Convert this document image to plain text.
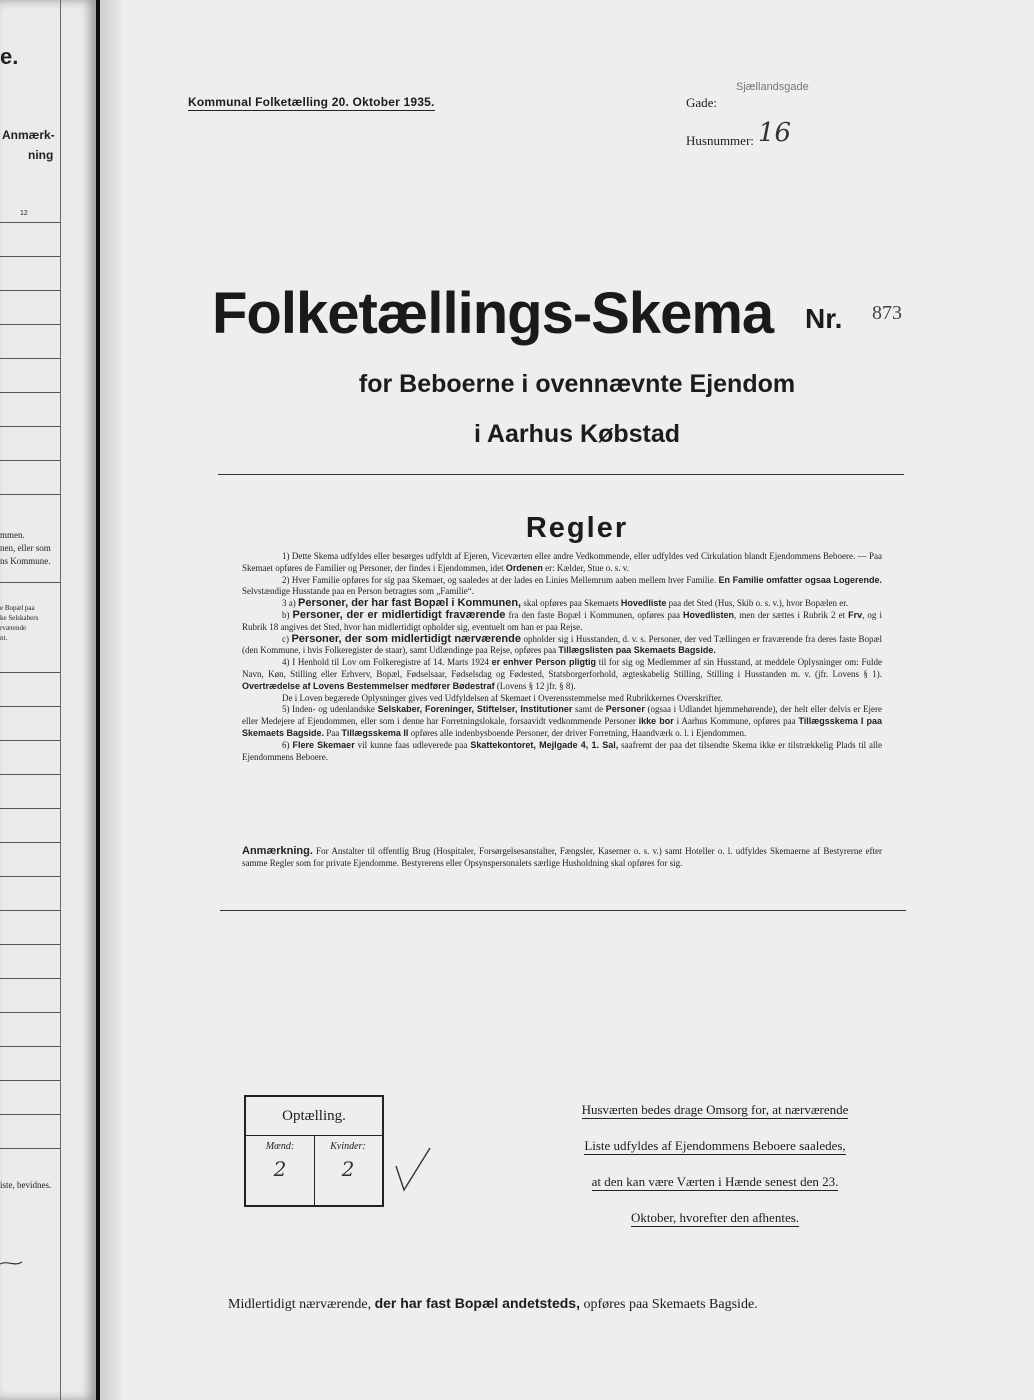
e.
Anmærk-
ning
12
mmen.
nen, eller som
ns Kommune.
e Bopæl paa
ke Selskabers
rværende
nt.
iste, bevidnes.
Kommunal Folketælling 20. Oktober 1935.	Gade:
Sjællandsgade
Husnummer: 16
Folketællings-Skema Nr. 873
for Beboerne i ovennævnte Ejendom
i Aarhus Købstad
Regler

1) Dette Skema udfyldes eller besørges udfyldt af Ejeren, Viceværten eller andre Vedkommende, eller udfyldes ved Cirkulation blandt Ejendommens Beboere. — Paa Skemaet opføres de Familier og Personer, der findes i Ejendommen, idet Ordenen er: Kælder, Stue o. s. v.

2) Hver Familie opføres for sig paa Skemaet, og saaledes at der lades en Linies Mellemrum aaben mellem hver Familie. En Familie omfatter ogsaa Logerende. Selvstændige Husstande paa en Person betragtes som „Familie“.

3 a) Personer, der har fast Bopæl i Kommunen, skal opføres paa Skemaets Hovedliste paa det Sted (Hus, Skib o. s. v.), hvor Bopælen er.

b) Personer, der er midlertidigt fraværende fra den faste Bopæl i Kommunen, opføres paa Hovedlisten, men der sættes i Rubrik 2 et Frv, og i Rubrik 18 angives det Sted, hvor han midlertidigt opholder sig, eventuelt om han er paa Rejse.

c) Personer, der som midlertidigt nærværende opholder sig i Husstanden, d. v. s. Personer, der ved Tællingen er fraværende fra deres faste Bopæl (den Kommune, i hvis Folkeregister de staar), samt Udlændinge paa Rejse, opføres paa Tillægslisten paa Skemaets Bagside.

4) I Henhold til Lov om Folkeregistre af 14. Marts 1924 er enhver Person pligtig til for sig og Medlemmer af sin Husstand, at meddele Oplysninger om: Fulde Navn, Køn, Stilling eller Erhverv, Bopæl, Fødselsaar, Fødselsdag og Fødested, Statsborgerforhold, ægteskabelig Stilling, Stilling i Husstanden m. v. (jfr. Lovens § 1). Overtrædelse af Lovens Bestemmelser medfører Bødestraf (Lovens § 12 jfr. § 8).

De i Loven begærede Oplysninger gives ved Udfyldelsen af Skemaet i Overensstemmelse med Rubrikkernes Overskrifter.

5) Inden- og udenlandske Selskaber, Foreninger, Stiftelser, Institutioner samt de Personer (ogsaa i Udlandet hjemmehørende), der helt eller delvis er Ejere eller Medejere af Ejendommen, eller som i denne har Forretningslokale, forsaavidt vedkommende Personer ikke bor i Aarhus Kommune, opføres paa Tillægsskema I paa Skemaets Bagside. Paa Tillægsskema II opføres alle indenbysboende Personer, der driver Forretning, Haandværk o. l. i Ejendommen.

6) Flere Skemaer vil kunne faas udleverede paa Skattekontoret, Mejlgade 4, 1. Sal, saafremt der paa det tilsendte Skema ikke er tilstrækkelig Plads til alle Ejendommens Beboere.

Anmærkning. For Anstalter til offentlig Brug (Hospitaler, Forsørgelsesanstalter, Fængsler, Kaserner o. s. v.) samt Hoteller o. l. udfyldes Skemaerne af Bestyrerne efter samme Regler som for private Ejendomme. Bestyrerens eller Opsynspersonalets særlige Husholdning skal opføres for sig.
Optælling.
Mænd:
2
Kvinder:
2
Husværten bedes drage Omsorg for, at nærværende
Liste udfyldes af Ejendommens Beboere saaledes,
at den kan være Værten i Hænde senest den 23.
Oktober, hvorefter den afhentes.
Midlertidigt nærværende, der har fast Bopæl andetsteds, opføres paa Skemaets Bagside.
